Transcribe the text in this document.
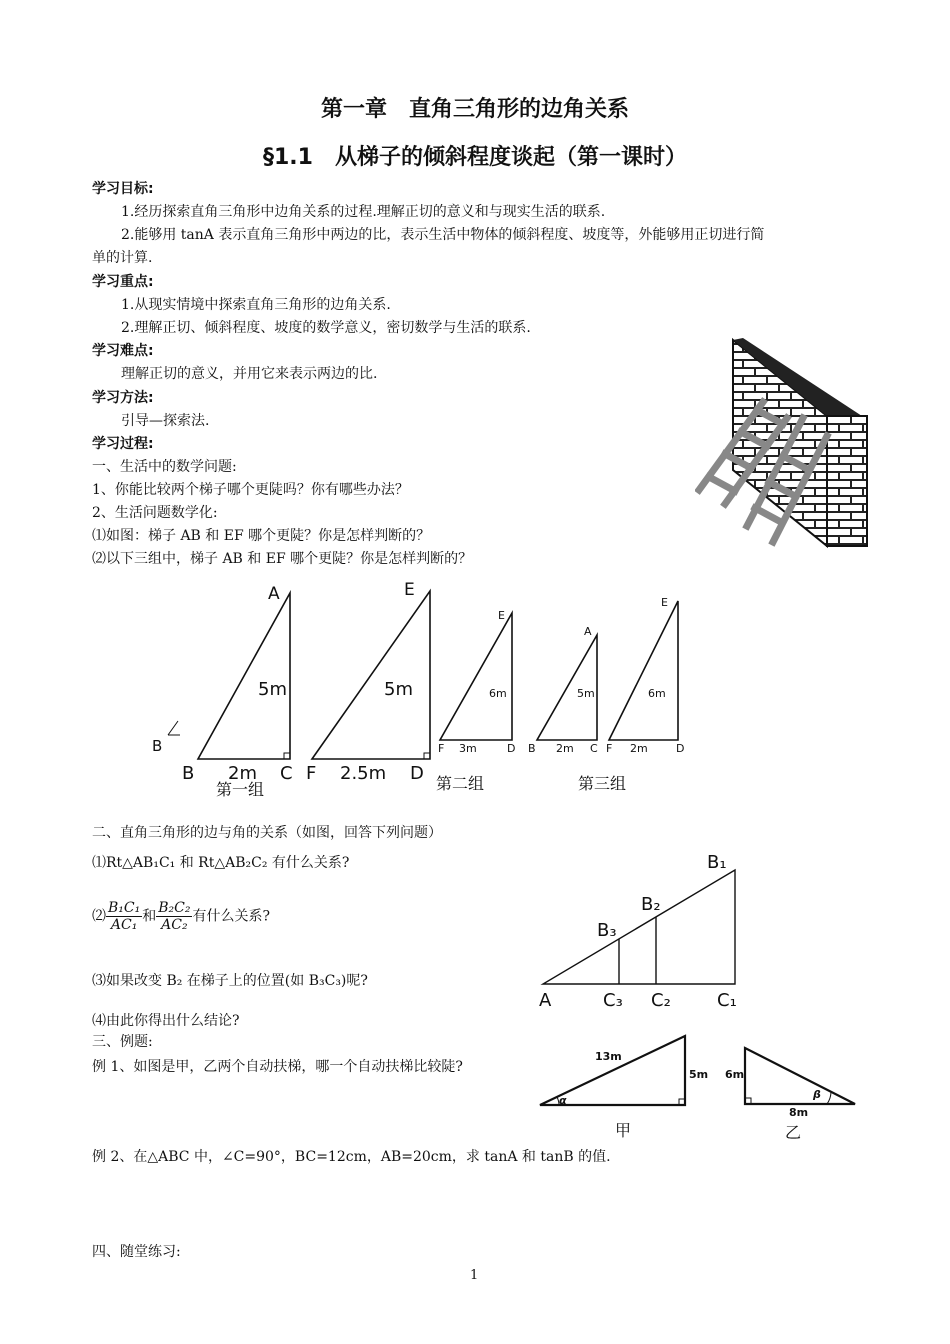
第一章　直角三角形的边角关系
§1.1　从梯子的倾斜程度谈起（第一课时）
学习目标:
1.经历探索直角三角形中边角关系的过程.理解正切的意义和与现实生活的联系.
2.能够用 tanA 表示直角三角形中两边的比，表示生活中物体的倾斜程度、坡度等，外能够用正切进行简
单的计算.
学习重点:
1.从现实情境中探索直角三角形的边角关系.
2.理解正切、倾斜程度、坡度的数学意义，密切数学与生活的联系.
学习难点:
理解正切的意义，并用它来表示两边的比.
学习方法:
引导—探索法.
学习过程:
一、生活中的数学问题:
1、你能比较两个梯子哪个更陡吗？你有哪些办法？
2、生活问题数学化:
⑴如图：梯子 AB 和 EF 哪个更陡？你是怎样判断的？
⑵以下三组中，梯子 AB 和 EF 哪个更陡？你是怎样判断的？
A
5m
B
B 2m C
E
5m
F 2.5m D
E
6m
F 3m	D
A
5m
B 2m C
E
6m
F 2m	D
第一组	第二组	第三组
二、直角三角形的边与角的关系（如图，回答下列问题）
⑴Rt△AB₁C₁ 和 Rt△AB₂C₂ 有什么关系?
⑵ $\frac{\text{B₁C₁}}{\text{AC₁}}$ 和 $\frac{\text{B₂C₂}}{\text{AC₂}}$ 有什么关系?
⑶如果改变 B₂ 在梯子上的位置(如 B₃C₃)呢?
⑷由此你得出什么结论?
A
B₁
B₂
B₃
C₃ C₂	C₁
三、例题:
例 1、如图是甲，乙两个自动扶梯，哪一个自动扶梯比较陡?
13m
5m
α
6m
8m
β
甲	乙
例 2、在△ABC 中，∠C=90°，BC=12cm，AB=20cm，求 tanA 和 tanB 的值.
四、随堂练习:
1
